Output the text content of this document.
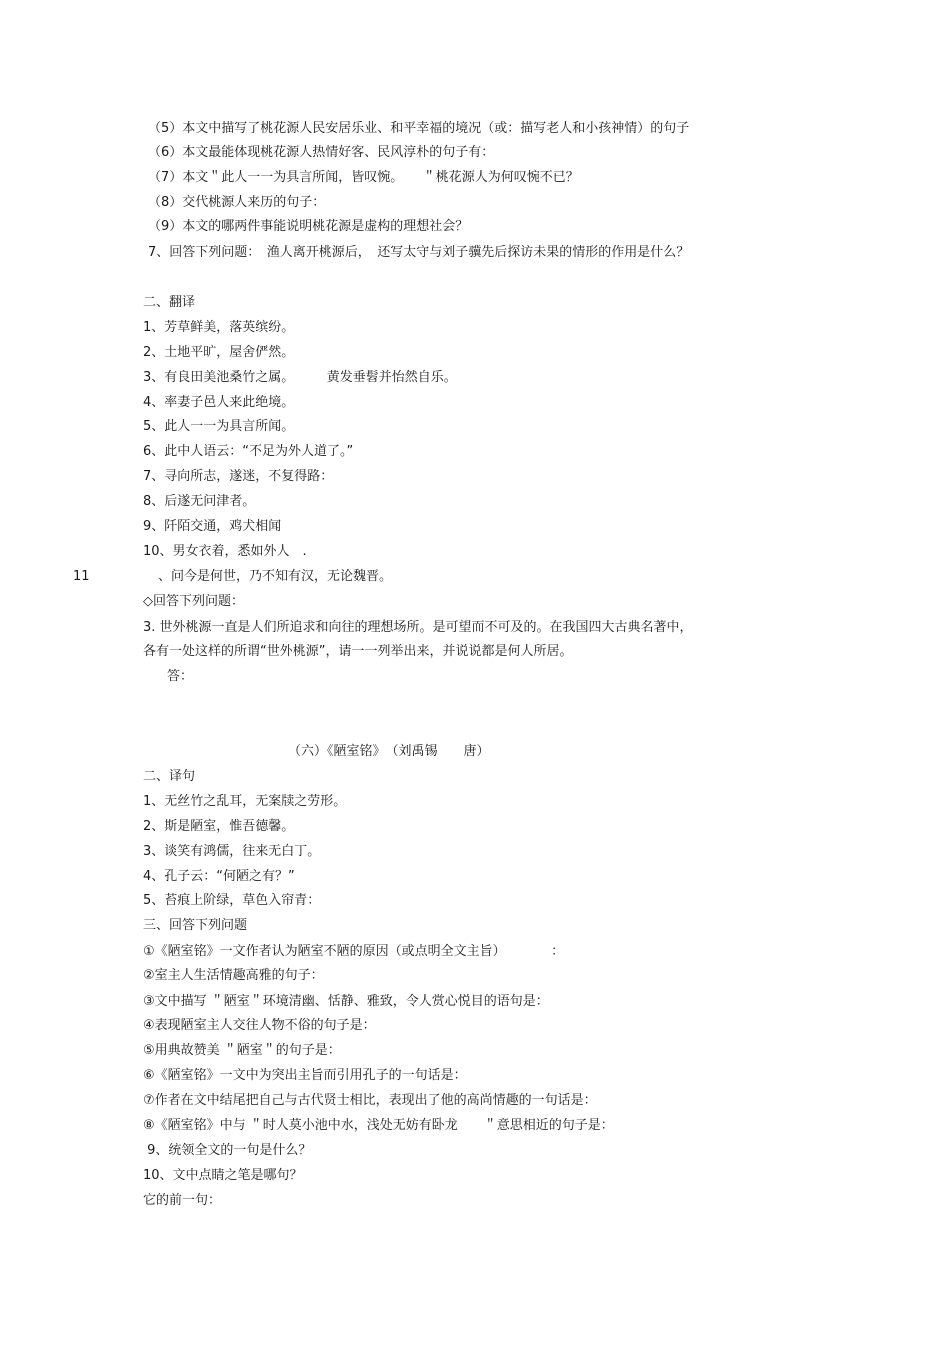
（5）本文中描写了桃花源人民安居乐业、和平幸福的境况（或：描写老人和小孩神情）的句子
（6）本文最能体现桃花源人热情好客、民风淳朴的句子有：
（7）本文＂此人一一为具言所闻，皆叹惋。　　＂桃花源人为何叹惋不已？
（8）交代桃源人来历的句子：
（9）本文的哪两件事能说明桃花源是虚构的理想社会？
7、回答下列问题：　渔人离开桃源后，　还写太守与刘子骥先后探访未果的情形的作用是什么？
二、翻译
1、芳草鲜美，落英缤纷。
2、土地平旷，屋舍俨然。
3、有良田美池桑竹之属。　　　黄发垂髫并怡然自乐。
4、率妻子邑人来此绝境。
5、此人一一为具言所闻。
6、此中人语云：“不足为外人道了。”
7、寻向所志，遂迷，不复得路：
8、后遂无问津者。
9、阡陌交通，鸡犬相闻
10、男女衣着，悉如外人　.
11	、问今是何世，乃不知有汉，无论魏晋。
◇回答下列问题：
3. 世外桃源一直是人们所追求和向往的理想场所。是可望而不可及的。在我国四大古典名著中，
各有一处这样的所谓“世外桃源”，请一一列举出来，并说说都是何人所居。
答：
（六）《陋室铭》　（刘禹锡　　唐）
二、译句
1、无丝竹之乱耳，无案牍之劳形。
2、斯是陋室，惟吾德馨。
3、谈笑有鸿儒，往来无白丁。
4、孔子云：“何陋之有？”
5、苔痕上阶绿，草色入帘青：
三、回答下列问题
①《陋室铭》一文作者认为陋室不陋的原因（或点明全文主旨）　　　　：
②室主人生活情趣高雅的句子：
③文中描写 ＂陋室＂环境清幽、恬静、雅致，令人赏心悦目的语句是：
④表现陋室主人交往人物不俗的句子是：
⑤用典故赞美 ＂陋室＂的句子是：
⑥《陋室铭》一文中为突出主旨而引用孔子的一句话是：
⑦作者在文中结尾把自己与古代贤士相比，表现出了他的高尚情趣的一句话是：
⑧《陋室铭》中与 ＂时人莫小池中水，浅处无妨有卧龙　　＂意思相近的句子是：
9、统领全文的一句是什么？
10、文中点睛之笔是哪句？
它的前一句：
